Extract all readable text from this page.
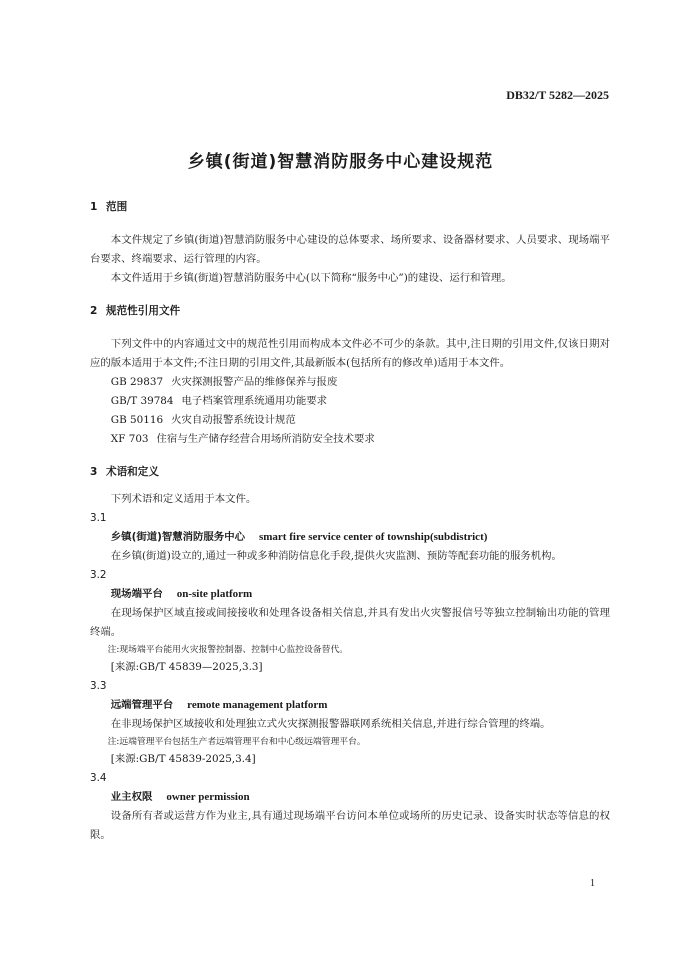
DB32/T 5282—2025
乡镇(街道)智慧消防服务中心建设规范

1 范围

本文件规定了乡镇(街道)智慧消防服务中心建设的总体要求、场所要求、设备器材要求、人员要求、现场端平台要求、终端要求、运行管理的内容。

本文件适用于乡镇(街道)智慧消防服务中心(以下简称“服务中心”)的建设、运行和管理。

2 规范性引用文件

下列文件中的内容通过文中的规范性引用而构成本文件必不可少的条款。其中,注日期的引用文件,仅该日期对应的版本适用于本文件;不注日期的引用文件,其最新版本(包括所有的修改单)适用于本文件。

GB 29837 火灾探测报警产品的维修保养与报废

GB/T 39784 电子档案管理系统通用功能要求

GB 50116 火灾自动报警系统设计规范

XF 703 住宿与生产储存经营合用场所消防安全技术要求

3 术语和定义

下列术语和定义适用于本文件。

3.1

乡镇(街道)智慧消防服务中心 smart fire service center of township(subdistrict)

在乡镇(街道)设立的,通过一种或多种消防信息化手段,提供火灾监测、预防等配套功能的服务机构。

3.2

现场端平台 on-site platform

在现场保护区域直接或间接接收和处理各设备相关信息,并具有发出火灾警报信号等独立控制输出功能的管理终端。

注:现场端平台能用火灾报警控制器、控制中心监控设备替代。

[来源:GB/T 45839—2025,3.3]

3.3

远端管理平台 remote management platform

在非现场保护区域接收和处理独立式火灾探测报警器联网系统相关信息,并进行综合管理的终端。

注:远端管理平台包括生产者远端管理平台和中心级远端管理平台。

[来源:GB/T 45839-2025,3.4]

3.4

业主权限 owner permission

设备所有者或运营方作为业主,具有通过现场端平台访问本单位或场所的历史记录、设备实时状态等信息的权限。

1
